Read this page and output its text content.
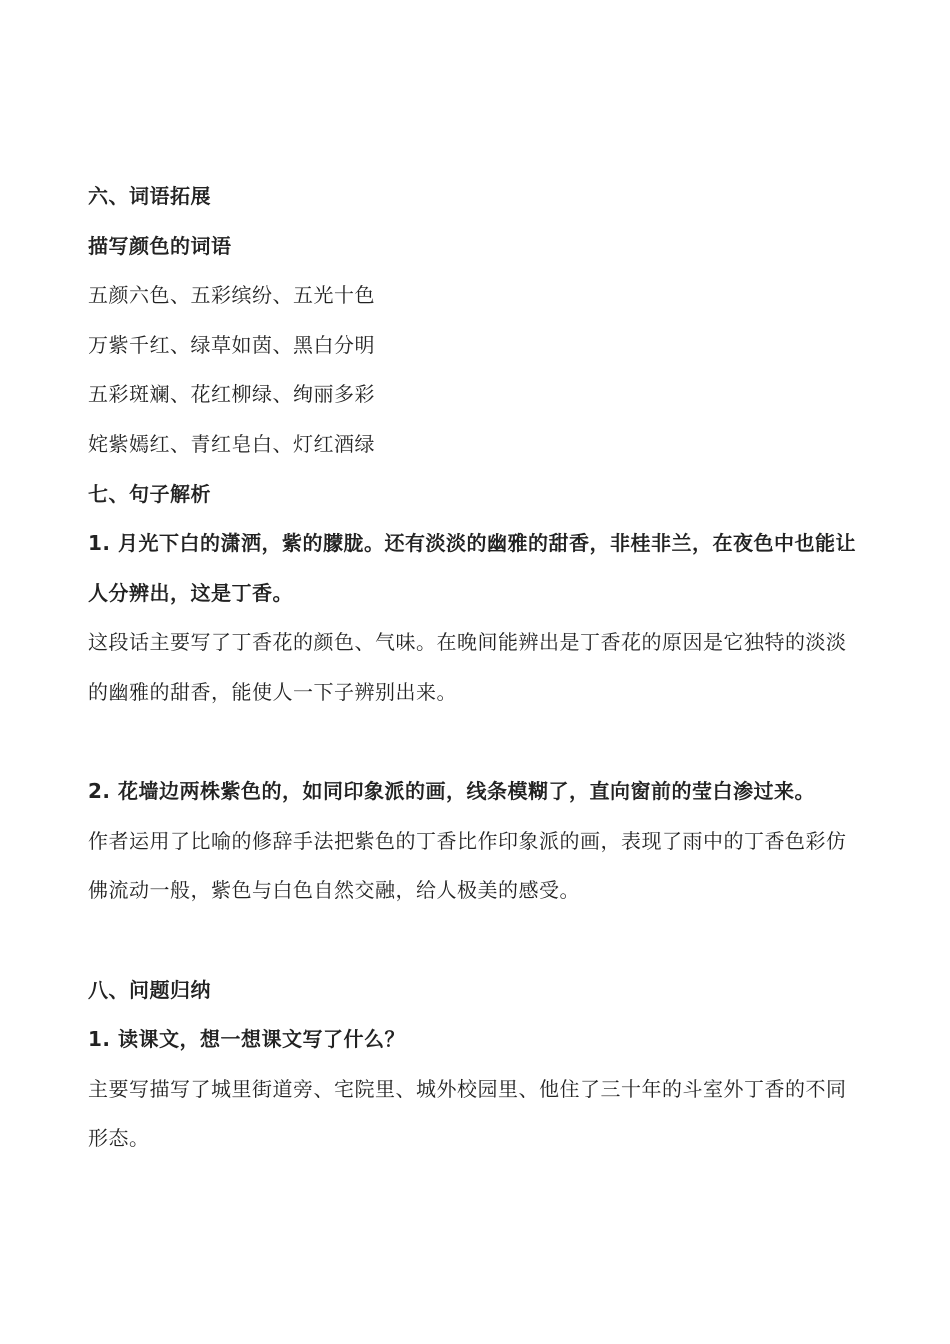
六、词语拓展
描写颜色的词语
五颜六色、五彩缤纷、五光十色
万紫千红、绿草如茵、黑白分明
五彩斑斓、花红柳绿、绚丽多彩
姹紫嫣红、青红皂白、灯红酒绿
七、句子解析
1. 月光下白的潇洒，紫的朦胧。还有淡淡的幽雅的甜香，非桂非兰，在夜色中也能让人分辨出，这是丁香。
这段话主要写了丁香花的颜色、气味。在晚间能辨出是丁香花的原因是它独特的淡淡的幽雅的甜香，能使人一下子辨别出来。
2. 花墙边两株紫色的，如同印象派的画，线条模糊了，直向窗前的莹白渗过来。
作者运用了比喻的修辞手法把紫色的丁香比作印象派的画，表现了雨中的丁香色彩仿佛流动一般，紫色与白色自然交融，给人极美的感受。
八、问题归纳
1. 读课文，想一想课文写了什么？
主要写描写了城里街道旁、宅院里、城外校园里、他住了三十年的斗室外丁香的不同形态。
